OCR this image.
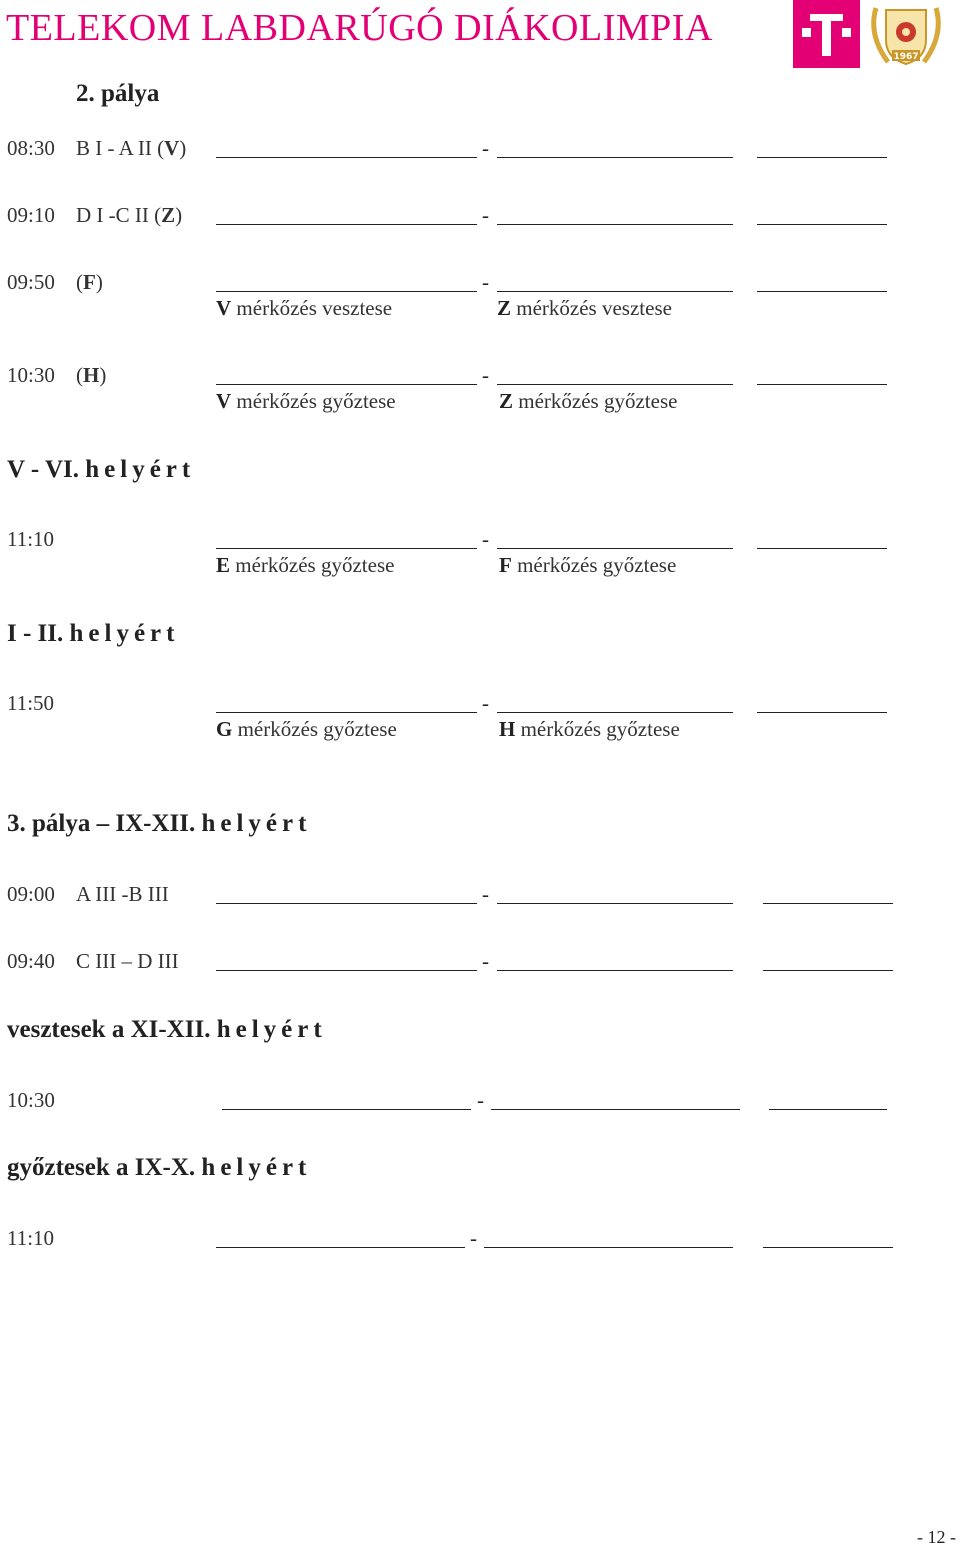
TELEKOM LABDARÚGÓ DIÁKOLIMPIA
1967
2. pálya
08:30 B I - A II (V)	-
09:10 D I -C II (Z)	-
09:50 (F)	-
V mérkőzés vesztese	Z mérkőzés vesztese
10:30 (H)	-
V mérkőzés győztese	Z mérkőzés győztese
V - VI. helyért
11:10	-
E mérkőzés győztese	F mérkőzés győztese
I - II. helyért
11:50	-
G mérkőzés győztese	H mérkőzés győztese
3. pálya – IX-XII. helyért
09:00 A III -B III	-
09:40 C III – D III	-
vesztesek a XI-XII. helyért
10:30	-
győztesek a IX-X. helyért
11:10	-
- 12 -
